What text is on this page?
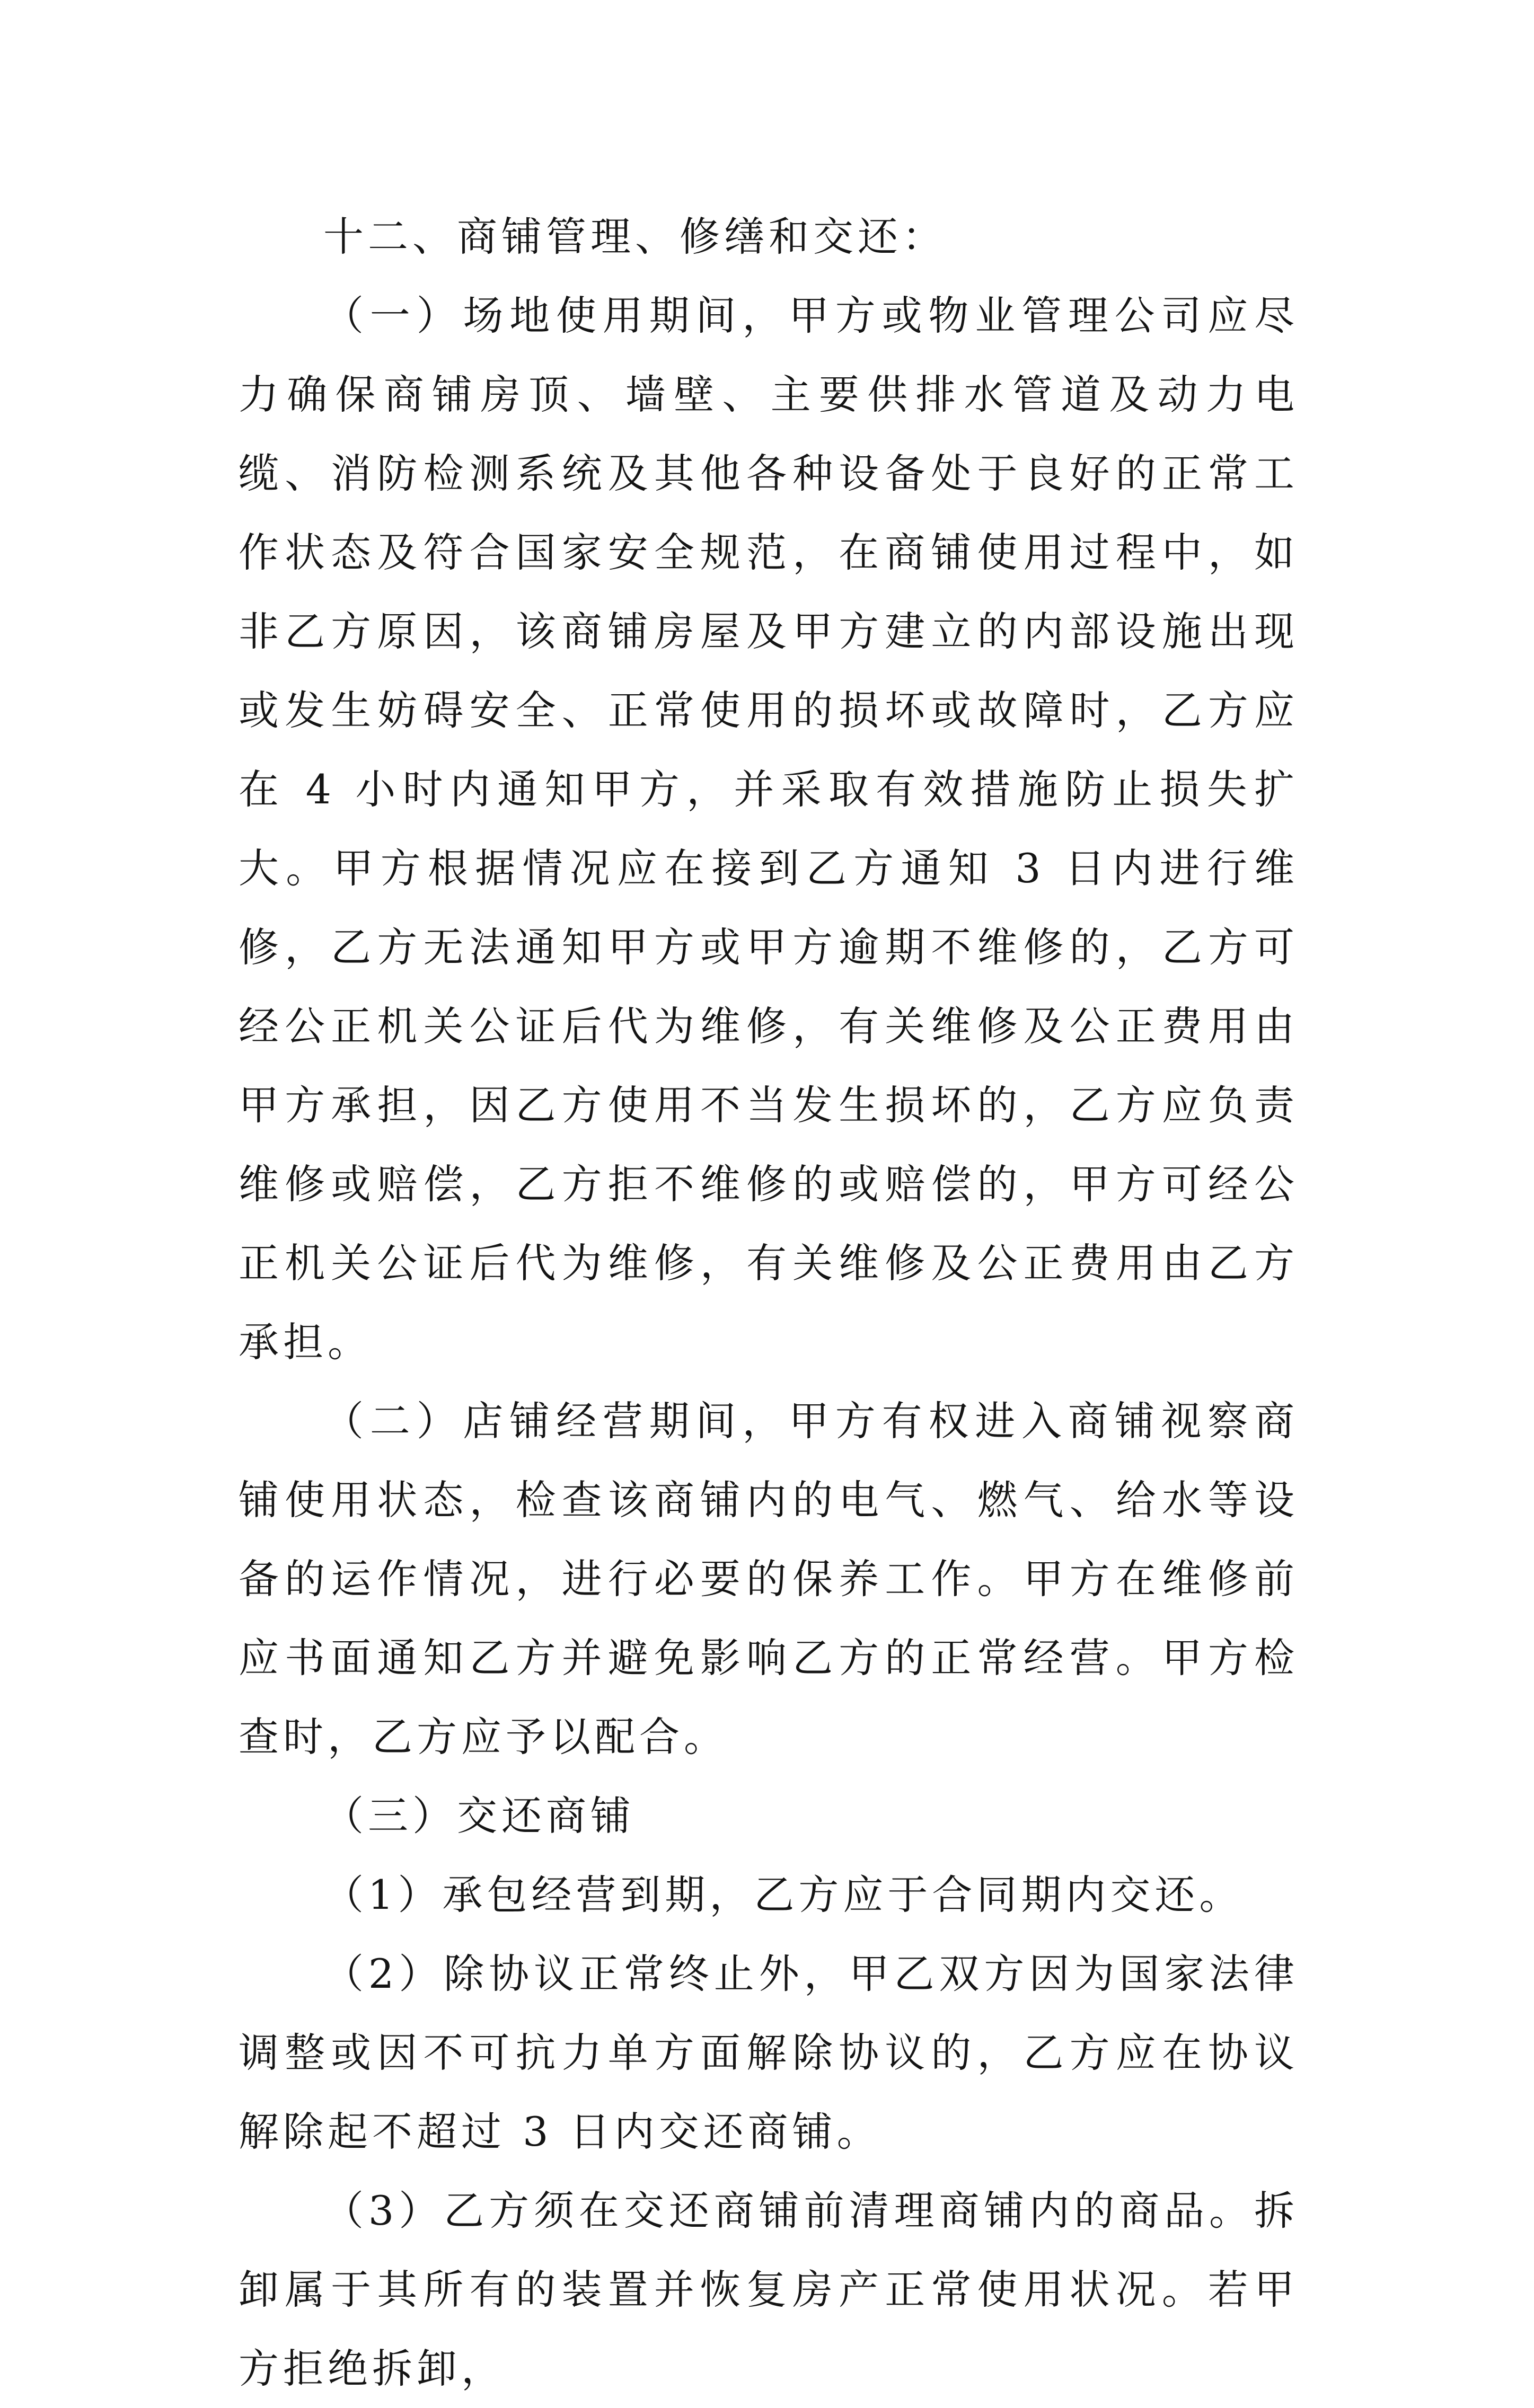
十二、商铺管理、修缮和交还：

（一）场地使用期间，甲方或物业管理公司应尽力确保商铺房顶、墙壁、主要供排水管道及动力电缆、消防检测系统及其他各种设备处于良好的正常工作状态及符合国家安全规范，在商铺使用过程中，如非乙方原因，该商铺房屋及甲方建立的内部设施出现或发生妨碍安全、正常使用的损坏或故障时，乙方应在 4 小时内通知甲方，并采取有效措施防止损失扩大。甲方根据情况应在接到乙方通知 3 日内进行维修，乙方无法通知甲方或甲方逾期不维修的，乙方可经公正机关公证后代为维修，有关维修及公正费用由甲方承担，因乙方使用不当发生损坏的，乙方应负责维修或赔偿，乙方拒不维修的或赔偿的，甲方可经公正机关公证后代为维修，有关维修及公正费用由乙方承担。

（二）店铺经营期间，甲方有权进入商铺视察商铺使用状态，检查该商铺内的电气、燃气、给水等设备的运作情况，进行必要的保养工作。甲方在维修前应书面通知乙方并避免影响乙方的正常经营。甲方检查时，乙方应予以配合。

（三）交还商铺

（1）承包经营到期，乙方应于合同期内交还。

（2）除协议正常终止外，甲乙双方因为国家法律调整或因不可抗力单方面解除协议的，乙方应在协议解除起不超过 3 日内交还商铺。

（3）乙方须在交还商铺前清理商铺内的商品。拆卸属于其所有的装置并恢复房产正常使用状况。若甲方拒绝拆卸，
